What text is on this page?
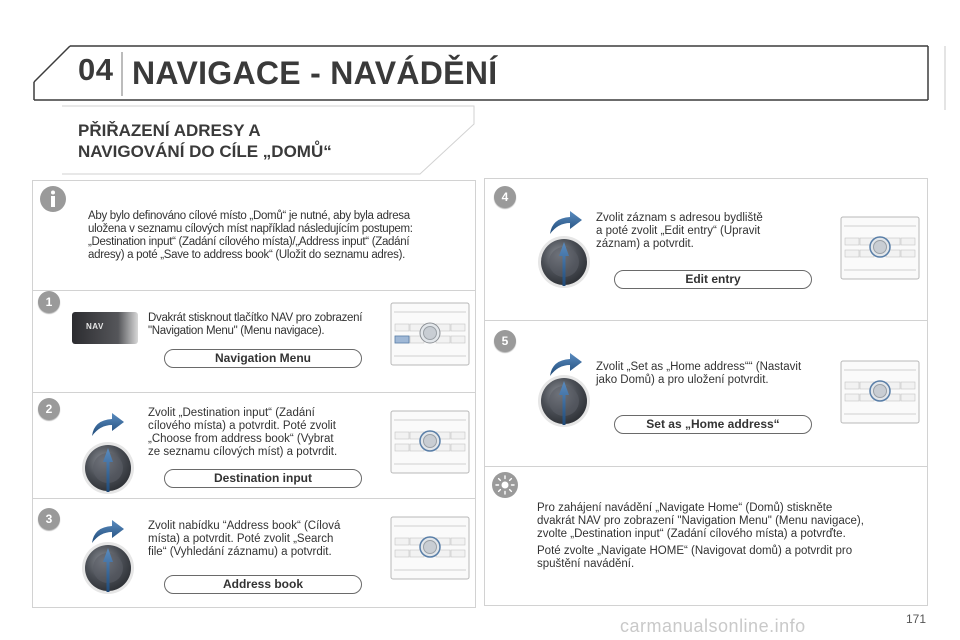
04 NAVIGACE - NAVÁDĚNÍ
PŘIŘAZENÍ ADRESY A
NAVIGOVÁNÍ DO CÍLE „DOMŮ“
Aby bylo definováno cílové místo „Domů“ je nutné, aby byla adresa
uložena v seznamu cílových míst například následujícím postupem:
„Destination input“ (Zadání cílového místa)/„Address input“ (Zadání
adresy) a poté „Save to address book“ (Uložit do seznamu adres).
1
NAV
Dvakrát stisknout tlačítko NAV pro zobrazení
"Navigation Menu" (Menu navigace).
Navigation Menu
2	Zvolit „Destination input“ (Zadání
cílového místa) a potvrdit. Poté zvolit
„Choose from address book“ (Vybrat
ze seznamu cílových míst) a potvrdit.
Destination input
3	Zvolit nabídku “Address book“ (Cílová
místa) a potvrdit. Poté zvolit „Search
file“ (Vyhledání záznamu) a potvrdit.
Address book
4
Zvolit záznam s adresou bydliště
a poté zvolit „Edit entry“ (Upravit
záznam) a potvrdit.
Edit entry
5
Zvolit „Set as „Home address““ (Nastavit
jako Domů) a pro uložení potvrdit.
Set as „Home address“
Pro zahájení navádění „Navigate Home“ (Domů) stiskněte
dvakrát NAV pro zobrazení "Navigation Menu" (Menu navigace),
zvolte „Destination input“ (Zadání cílového místa) a potvrďte.
Poté zvolte „Navigate HOME“ (Navigovat domů) a potvrdit pro
spuštění navádění.
carmanualsonline.info	171
